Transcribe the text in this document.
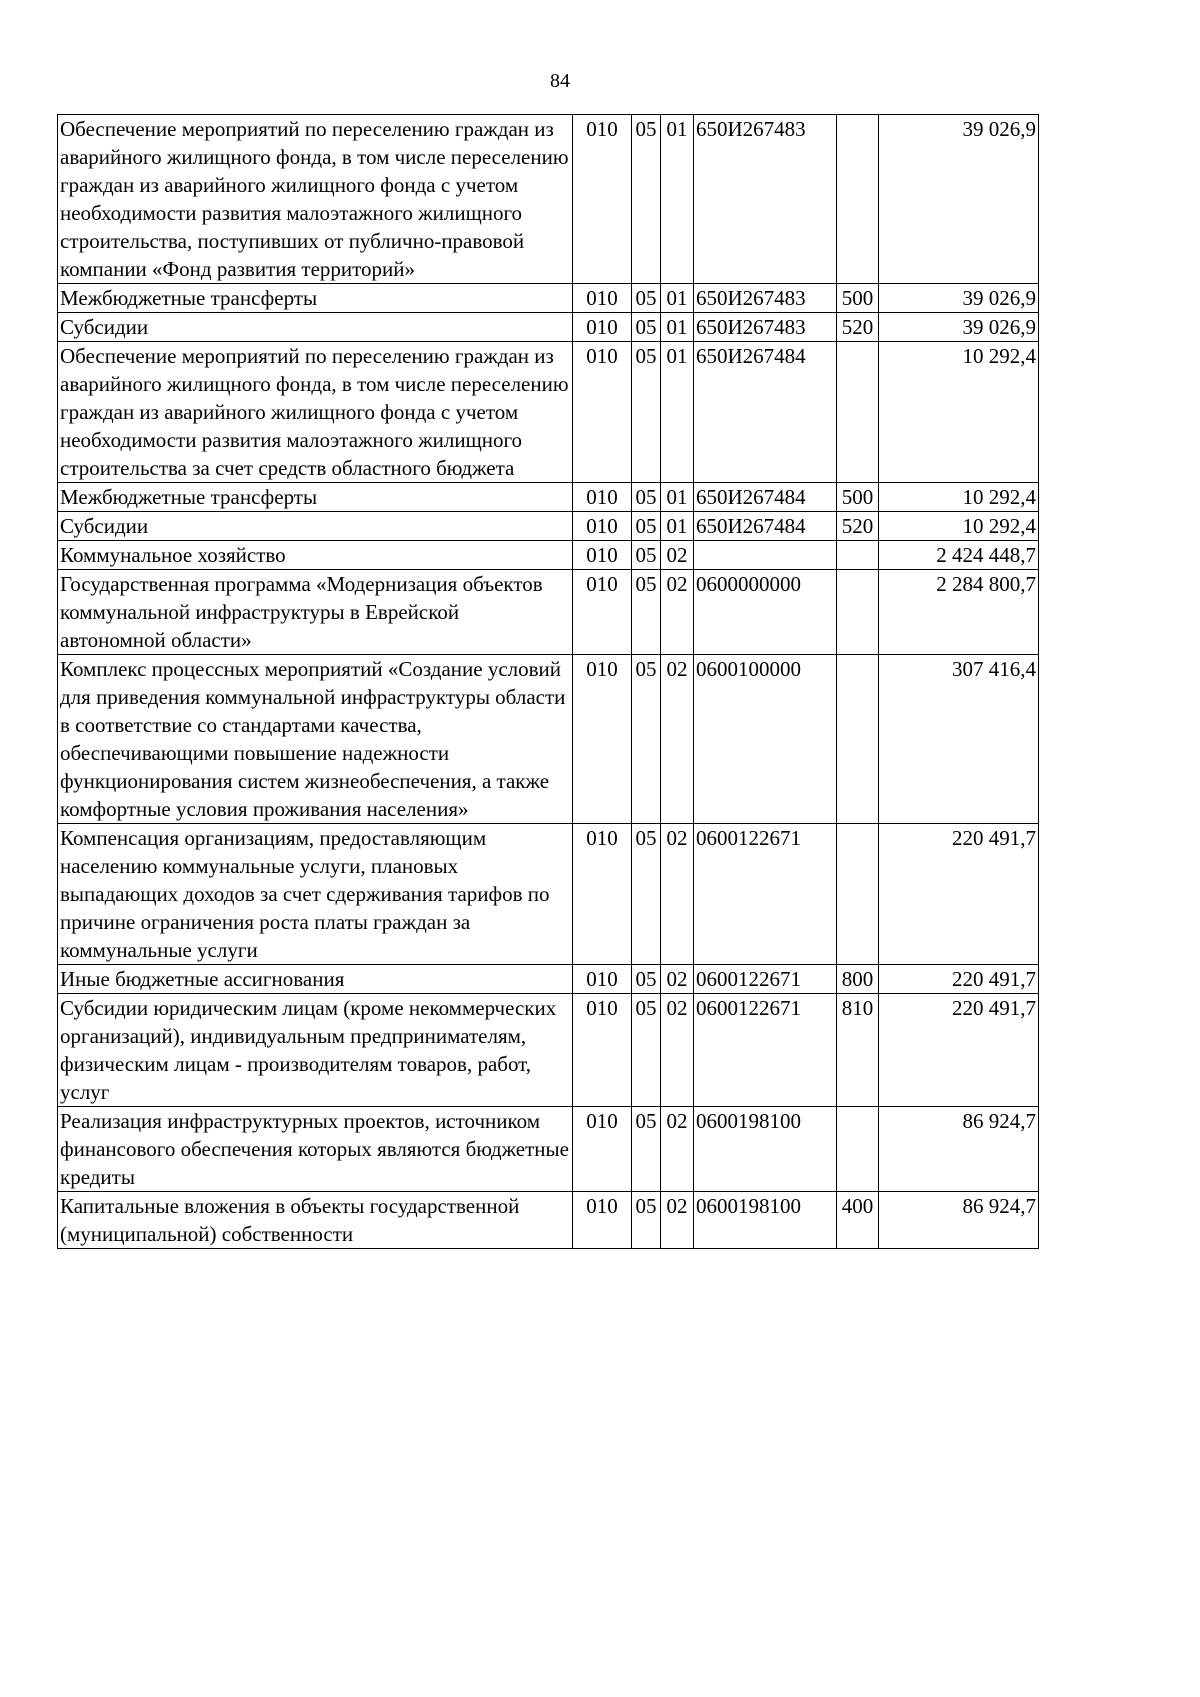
84
Обеспечение мероприятий по переселению граждан из аварийного жилищного фонда, в том числе переселению граждан из аварийного жилищного фонда с учетом необходимости развития малоэтажного жилищного строительства, поступивших от публично-правовой компании «Фонд развития территорий»	010	05	01	650И267483		39 026,9
Межбюджетные трансферты	010	05	01	650И267483	500	39 026,9
Субсидии	010	05	01	650И267483	520	39 026,9
Обеспечение мероприятий по переселению граждан из аварийного жилищного фонда, в том числе переселению граждан из аварийного жилищного фонда с учетом необходимости развития малоэтажного жилищного строительства за счет средств областного бюджета	010	05	01	650И267484		10 292,4
Межбюджетные трансферты	010	05	01	650И267484	500	10 292,4
Субсидии	010	05	01	650И267484	520	10 292,4
Коммунальное хозяйство	010	05	02			2 424 448,7
Государственная программа «Модернизация объектов коммунальной инфраструктуры в Еврейской автономной области»	010	05	02	0600000000		2 284 800,7
Комплекс процессных мероприятий «Создание условий для приведения коммунальной инфраструктуры области в соответствие со стандартами качества, обеспечивающими повышение надежности функционирования систем жизнеобеспечения, а также комфортные условия проживания населения»	010	05	02	0600100000		307 416,4
Компенсация организациям, предоставляющим населению коммунальные услуги, плановых выпадающих доходов за счет сдерживания тарифов по причине ограничения роста платы граждан за коммунальные услуги	010	05	02	0600122671		220 491,7
Иные бюджетные ассигнования	010	05	02	0600122671	800	220 491,7
Субсидии юридическим лицам (кроме некоммерческих организаций), индивидуальным предпринимателям, физическим лицам - производителям товаров, работ, услуг	010	05	02	0600122671	810	220 491,7
Реализация инфраструктурных проектов, источником финансового обеспечения которых являются бюджетные кредиты	010	05	02	0600198100		86 924,7
Капитальные вложения в объекты государственной (муниципальной) собственности	010	05	02	0600198100	400	86 924,7
